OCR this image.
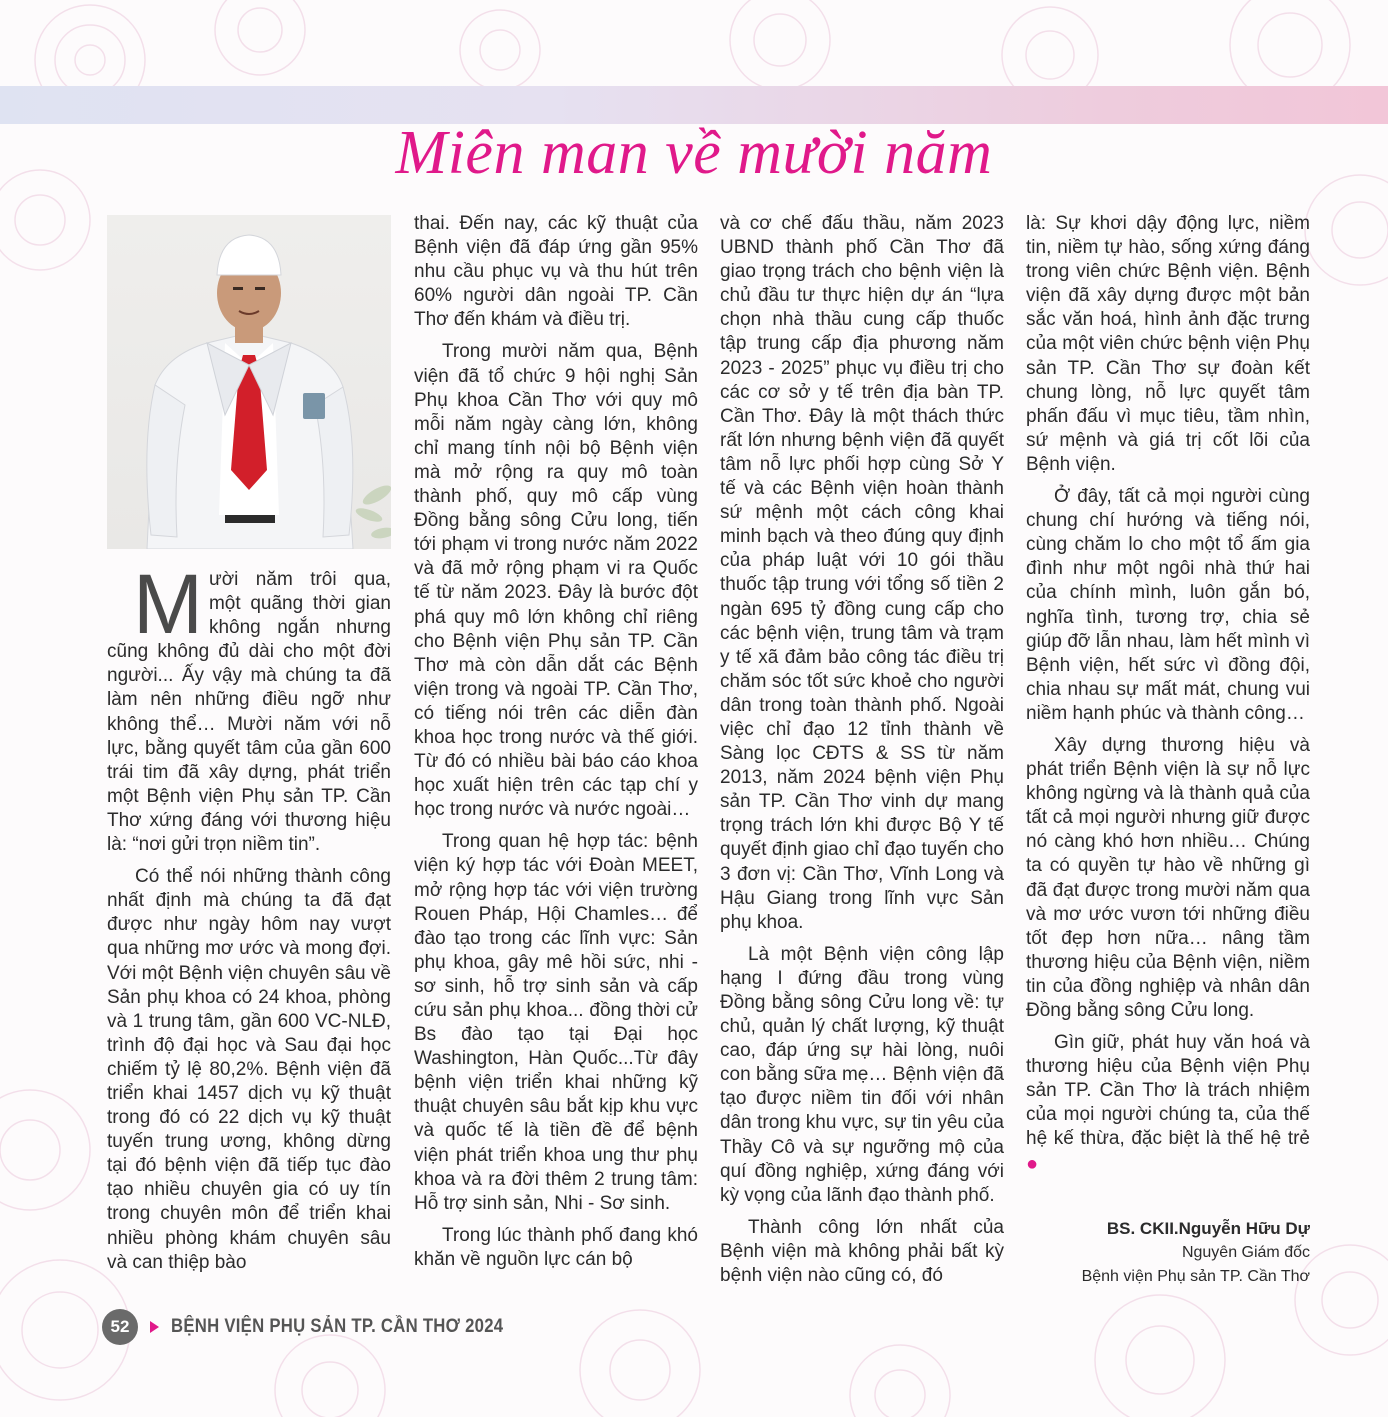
Miên man về mười năm

Mười năm trôi qua, một quãng thời gian không ngắn nhưng cũng không đủ dài cho một đời người... Ấy vậy mà chúng ta đã làm nên những điều ngỡ như không thể… Mười năm với nỗ lực, bằng quyết tâm của gần 600 trái tim đã xây dựng, phát triển một Bệnh viện Phụ sản TP. Cần Thơ xứng đáng với thương hiệu là: “nơi gửi trọn niềm tin”.

Có thể nói những thành công nhất định mà chúng ta đã đạt được như ngày hôm nay vượt qua những mơ ước và mong đợi. Với một Bệnh viện chuyên sâu về Sản phụ khoa có 24 khoa, phòng và 1 trung tâm, gần 600 VC-NLĐ, trình độ đại học và Sau đại học chiếm tỷ lệ 80,2%. Bệnh viện đã triển khai 1457 dịch vụ kỹ thuật trong đó có 22 dịch vụ kỹ thuật tuyến trung ương, không dừng tại đó bệnh viện đã tiếp tục đào tạo nhiều chuyên gia có uy tín trong chuyên môn để triển khai nhiều phòng khám chuyên sâu và can thiệp bào

thai. Đến nay, các kỹ thuật của Bệnh viện đã đáp ứng gần 95% nhu cầu phục vụ và thu hút trên 60% người dân ngoài TP. Cần Thơ đến khám và điều trị.

Trong mười năm qua, Bệnh viện đã tổ chức 9 hội nghị Sản Phụ khoa Cần Thơ với quy mô mỗi năm ngày càng lớn, không chỉ mang tính nội bộ Bệnh viện mà mở rộng ra quy mô toàn thành phố, quy mô cấp vùng Đồng bằng sông Cửu long, tiến tới phạm vi trong nước năm 2022 và đã mở rộng phạm vi ra Quốc tế từ năm 2023. Đây là bước đột phá quy mô lớn không chỉ riêng cho Bệnh viện Phụ sản TP. Cần Thơ mà còn dẫn dắt các Bệnh viện trong và ngoài TP. Cần Thơ, có tiếng nói trên các diễn đàn khoa học trong nước và thế giới. Từ đó có nhiều bài báo cáo khoa học xuất hiện trên các tạp chí y học trong nước và nước ngoài…

Trong quan hệ hợp tác: bệnh viện ký hợp tác với Đoàn MEET, mở rộng hợp tác với viện trường Rouen Pháp, Hội Chamles… để đào tạo trong các lĩnh vực: Sản phụ khoa, gây mê hồi sức, nhi - sơ sinh, hỗ trợ sinh sản và cấp cứu sản phụ khoa... đồng thời cử Bs đào tạo tại Đại học Washington, Hàn Quốc...Từ đây bệnh viện triển khai những kỹ thuật chuyên sâu bắt kịp khu vực và quốc tế là tiền đề để bệnh viện phát triển khoa ung thư phụ khoa và ra đời thêm 2 trung tâm: Hỗ trợ sinh sản, Nhi - Sơ sinh.

Trong lúc thành phố đang khó khăn về nguồn lực cán bộ

và cơ chế đấu thầu, năm 2023 UBND thành phố Cần Thơ đã giao trọng trách cho bệnh viện là chủ đầu tư thực hiện dự án “lựa chọn nhà thầu cung cấp thuốc tập trung cấp địa phương năm 2023 - 2025” phục vụ điều trị cho các cơ sở y tế trên địa bàn TP. Cần Thơ. Đây là một thách thức rất lớn nhưng bệnh viện đã quyết tâm nỗ lực phối hợp cùng Sở Y tế và các Bệnh viện hoàn thành sứ mệnh một cách công khai minh bạch và theo đúng quy định của pháp luật với 10 gói thầu thuốc tập trung với tổng số tiền 2 ngàn 695 tỷ đồng cung cấp cho các bệnh viện, trung tâm và trạm y tế xã đảm bảo công tác điều trị chăm sóc tốt sức khoẻ cho người dân trong toàn thành phố. Ngoài việc chỉ đạo 12 tỉnh thành về Sàng lọc CĐTS & SS từ năm 2013, năm 2024 bệnh viện Phụ sản TP. Cần Thơ vinh dự mang trọng trách lớn khi được Bộ Y tế quyết định giao chỉ đạo tuyến cho 3 đơn vị: Cần Thơ, Vĩnh Long và Hậu Giang trong lĩnh vực Sản phụ khoa.

Là một Bệnh viện công lập hạng I đứng đầu trong vùng Đồng bằng sông Cửu long về: tự chủ, quản lý chất lượng, kỹ thuật cao, đáp ứng sự hài lòng, nuôi con bằng sữa mẹ… Bệnh viện đã tạo được niềm tin đối với nhân dân trong khu vực, sự tin yêu của Thầy Cô và sự ngưỡng mộ của quí đồng nghiệp, xứng đáng với kỳ vọng của lãnh đạo thành phố.

Thành công lớn nhất của Bệnh viện mà không phải bất kỳ bệnh viện nào cũng có, đó

là: Sự khơi dậy động lực, niềm tin, niềm tự hào, sống xứng đáng trong viên chức Bệnh viện. Bệnh viện đã xây dựng được một bản sắc văn hoá, hình ảnh đặc trưng của một viên chức bệnh viện Phụ sản TP. Cần Thơ sự đoàn kết chung lòng, nỗ lực quyết tâm phấn đấu vì mục tiêu, tầm nhìn, sứ mệnh và giá trị cốt lõi của Bệnh viện.

Ở đây, tất cả mọi người cùng chung chí hướng và tiếng nói, cùng chăm lo cho một tổ ấm gia đình như một ngôi nhà thứ hai của chính mình, luôn gắn bó, nghĩa tình, tương trợ, chia sẻ giúp đỡ lẫn nhau, làm hết mình vì Bệnh viện, hết sức vì đồng đội, chia nhau sự mất mát, chung vui niềm hạnh phúc và thành công…

Xây dựng thương hiệu và phát triển Bệnh viện là sự nỗ lực không ngừng và là thành quả của tất cả mọi người nhưng giữ được nó càng khó hơn nhiều… Chúng ta có quyền tự hào về những gì đã đạt được trong mười năm qua và mơ ước vươn tới những điều tốt đẹp hơn nữa… nâng tầm thương hiệu của Bệnh viện, niềm tin của đồng nghiệp và nhân dân Đồng bằng sông Cửu long.

Gìn giữ, phát huy văn hoá và thương hiệu của Bệnh viện Phụ sản TP. Cần Thơ là trách nhiệm của mọi người chúng ta, của thế hệ kế thừa, đặc biệt là thế hệ trẻ ●

BS. CKII.Nguyễn Hữu Dự
Nguyên Giám đốc
Bệnh viện Phụ sản TP. Cần Thơ
52	BỆNH VIỆN PHỤ SẢN TP. CẦN THƠ 2024
